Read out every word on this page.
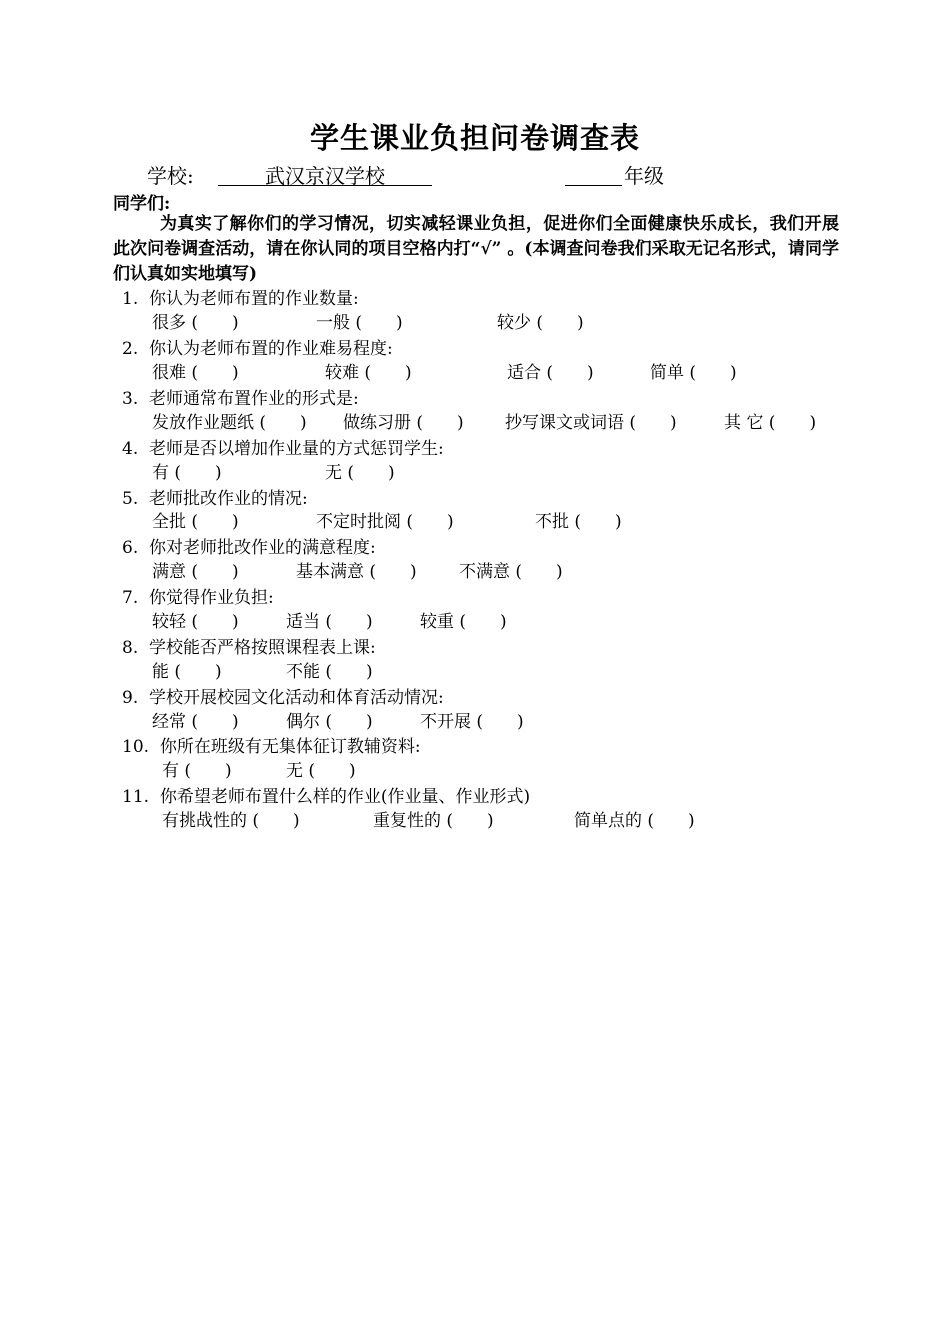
学生课业负担问卷调查表
学校:	武汉京汉学校	年级
同学们:
为真实了解你们的学习情况，切实减轻课业负担，促进你们全面健康快乐成长，我们开展此次问卷调查活动，请在你认同的项目空格内打“√” 。(本调查问卷我们采取无记名形式，请同学们认真如实地填写)
1. 你认为老师布置的作业数量:
很多 (　　)	一般 (　　)	较少 (　　)
2. 你认为老师布置的作业难易程度:
很难 (　　)	较难 (　　)	适合 (　　)	简单 (　　)
3. 老师通常布置作业的形式是:
发放作业题纸 (　　) 做练习册 (　　) 抄写课文或词语 (　　)	其 它 (　　)
4. 老师是否以增加作业量的方式惩罚学生:
有 (　　)	无 (　　)
5. 老师批改作业的情况:
全批 (　　)	不定时批阅 (　　)	不批 (　　)
6. 你对老师批改作业的满意程度:
满意 (　　)	基本满意 (　　) 不满意 (　　)
7. 你觉得作业负担:
较轻 (　　)	适当 (　　)	较重 (　　)
8. 学校能否严格按照课程表上课:
能 (　　)	不能 (　　)
9. 学校开展校园文化活动和体育活动情况:
经常 (　　)	偶尔 (　　)	不开展 (　　)
10. 你所在班级有无集体征订教辅资料:
有 (　　)	无 (　　)
11. 你希望老师布置什么样的作业(作业量、作业形式)
有挑战性的 (　　)	重复性的 (　　)	简单点的 (　　)
